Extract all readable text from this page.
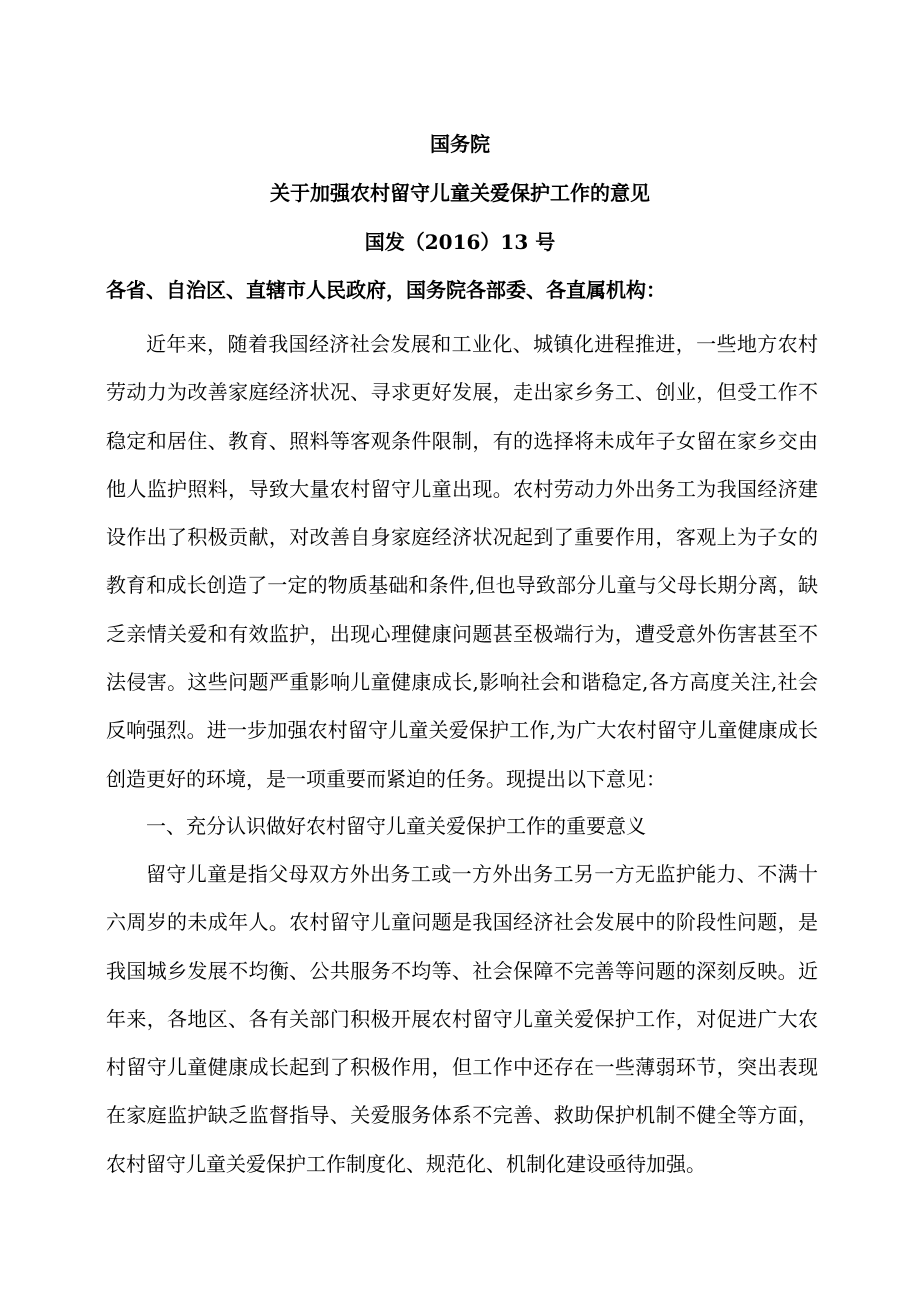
国务院
关于加强农村留守儿童关爱保护工作的意见
国发（2016）13 号
各省、自治区、直辖市人民政府，国务院各部委、各直属机构：

近年来，随着我国经济社会发展和工业化、城镇化进程推进，一些地方农村劳动力为改善家庭经济状况、寻求更好发展，走出家乡务工、创业，但受工作不稳定和居住、教育、照料等客观条件限制，有的选择将未成年子女留在家乡交由他人监护照料，导致大量农村留守儿童出现。农村劳动力外出务工为我国经济建设作出了积极贡献，对改善自身家庭经济状况起到了重要作用，客观上为子女的教育和成长创造了一定的物质基础和条件,但也导致部分儿童与父母长期分离，缺乏亲情关爱和有效监护，出现心理健康问题甚至极端行为，遭受意外伤害甚至不法侵害。这些问题严重影响儿童健康成长,影响社会和谐稳定,各方高度关注,社会反响强烈。进一步加强农村留守儿童关爱保护工作,为广大农村留守儿童健康成长创造更好的环境，是一项重要而紧迫的任务。现提出以下意见：

一、充分认识做好农村留守儿童关爱保护工作的重要意义

留守儿童是指父母双方外出务工或一方外出务工另一方无监护能力、不满十六周岁的未成年人。农村留守儿童问题是我国经济社会发展中的阶段性问题，是我国城乡发展不均衡、公共服务不均等、社会保障不完善等问题的深刻反映。近年来，各地区、各有关部门积极开展农村留守儿童关爱保护工作，对促进广大农村留守儿童健康成长起到了积极作用，但工作中还存在一些薄弱环节，突出表现在家庭监护缺乏监督指导、关爱服务体系不完善、救助保护机制不健全等方面，农村留守儿童关爱保护工作制度化、规范化、机制化建设亟待加强。
